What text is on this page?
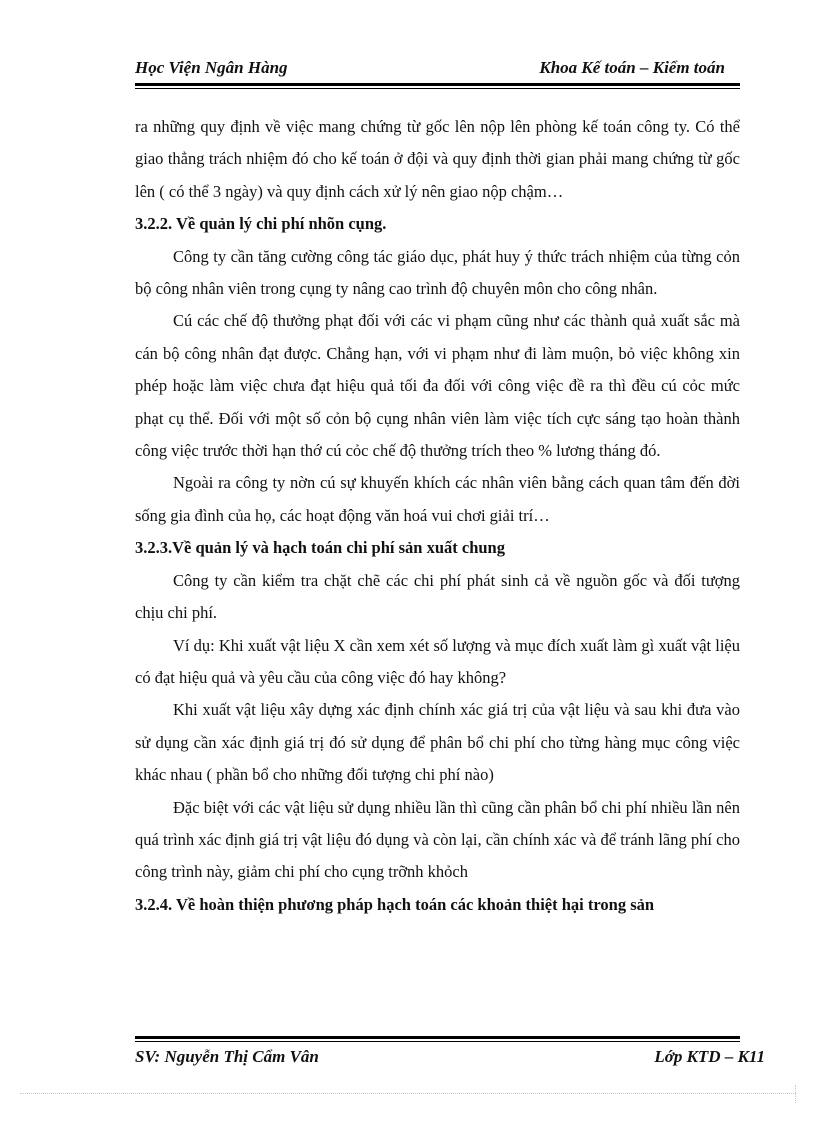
Học Viện Ngân Hàng	Khoa Kế toán – Kiểm toán

ra những quy định về việc mang chứng từ gốc lên nộp lên phòng kế toán công ty. Có thể giao thẳng trách nhiệm đó cho kế toán ở đội và quy định thời gian phải mang chứng từ gốc lên ( có thể 3 ngày) và quy định cách xử lý nên giao nộp chậm…

3.2.2. Về quản lý chi phí nhõn cụng.

Công ty cần tăng cường công tác giáo dục, phát huy ý thức trách nhiệm của từng cỏn bộ công nhân viên trong cụng ty nâng cao trình độ chuyên môn cho công nhân.

Cú các chế độ thưởng phạt đối với các vi phạm cũng như các thành quả xuất sắc mà cán bộ công nhân đạt được. Chẳng hạn, với vi phạm như đi làm muộn, bỏ việc không xin phép hoặc làm việc chưa đạt hiệu quả tối đa đối với công việc đề ra thì đều cú cỏc mức phạt cụ thể. Đối với một số cỏn bộ cụng nhân viên làm việc tích cực sáng tạo hoàn thành công việc trước thời hạn thớ cú cỏc chế độ thưởng trích theo % lương tháng đó.

Ngoài ra công ty nờn cú sự khuyến khích các nhân viên bằng cách quan tâm đến đời sống gia đình của họ, các hoạt động văn hoá vui chơi giải trí…

3.2.3.Về quản lý và hạch toán chi phí sản xuất chung

Công ty cần kiểm tra chặt chẽ các chi phí phát sinh cả về nguồn gốc và đối tượng chịu chi phí.

Ví dụ: Khi xuất vật liệu X cần xem xét số lượng và mục đích xuất làm gì xuất vật liệu có đạt hiệu quả và yêu cầu của công việc đó hay không?

Khi xuất vật liệu xây dựng xác định chính xác giá trị của vật liệu và sau khi đưa vào sử dụng cần xác định giá trị đó sử dụng để phân bổ chi phí cho từng hàng mục công việc khác nhau ( phần bổ cho những đối tượng chi phí nào)

Đặc biệt với các vật liệu sử dụng nhiều lần thì cũng cần phân bổ chi phí nhiều lần nên quá trình xác định giá trị vật liệu đó dụng và còn lại, cần chính xác và để tránh lãng phí cho công trình này, giảm chi phí cho cụng trỡnh khỏch

3.2.4. Về hoàn thiện phương pháp hạch toán các khoản thiệt hại trong sản

SV: Nguyễn Thị Cẩm Vân	Lớp KTD – K11
